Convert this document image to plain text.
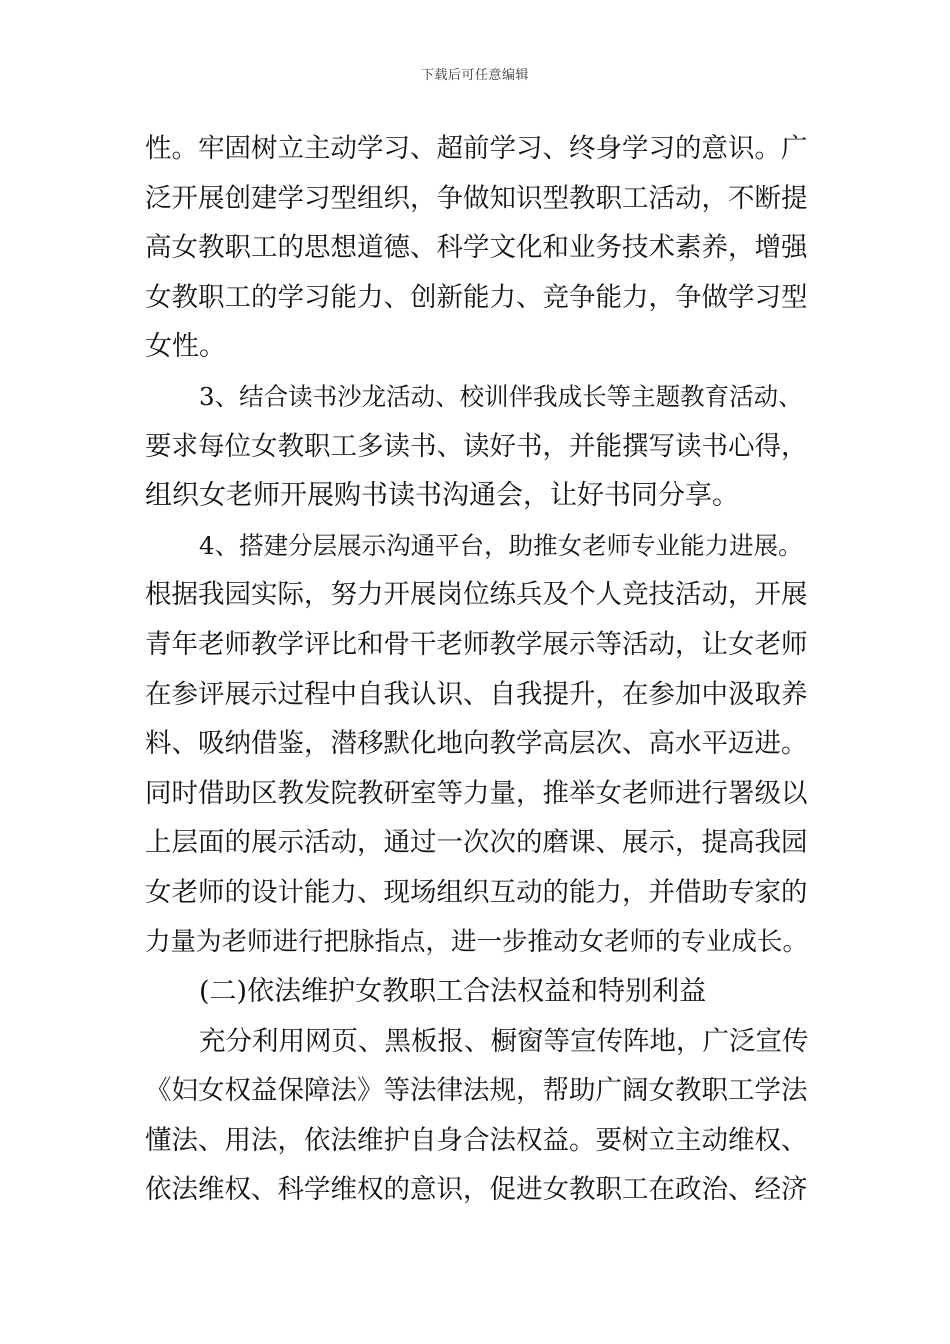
下载后可任意编辑
性。牢固树立主动学习、超前学习、终身学习的意识。广
泛开展创建学习型组织，争做知识型教职工活动，不断提
高女教职工的思想道德、科学文化和业务技术素养，增强
女教职工的学习能力、创新能力、竞争能力，争做学习型
女性。
3、结合读书沙龙活动、校训伴我成长等主题教育活动、
要求每位女教职工多读书、读好书，并能撰写读书心得，
组织女老师开展购书读书沟通会，让好书同分享。
4、搭建分层展示沟通平台，助推女老师专业能力进展。
根据我园实际，努力开展岗位练兵及个人竞技活动，开展
青年老师教学评比和骨干老师教学展示等活动，让女老师
在参评展示过程中自我认识、自我提升，在参加中汲取养
料、吸纳借鉴，潜移默化地向教学高层次、高水平迈进。
同时借助区教发院教研室等力量，推举女老师进行署级以
上层面的展示活动，通过一次次的磨课、展示，提高我园
女老师的设计能力、现场组织互动的能力，并借助专家的
力量为老师进行把脉指点，进一步推动女老师的专业成长。
(二)依法维护女教职工合法权益和特别利益
充分利用网页、黑板报、橱窗等宣传阵地，广泛宣传
《妇女权益保障法》等法律法规，帮助广阔女教职工学法
懂法、用法，依法维护自身合法权益。要树立主动维权、
依法维权、科学维权的意识，促进女教职工在政治、经济
